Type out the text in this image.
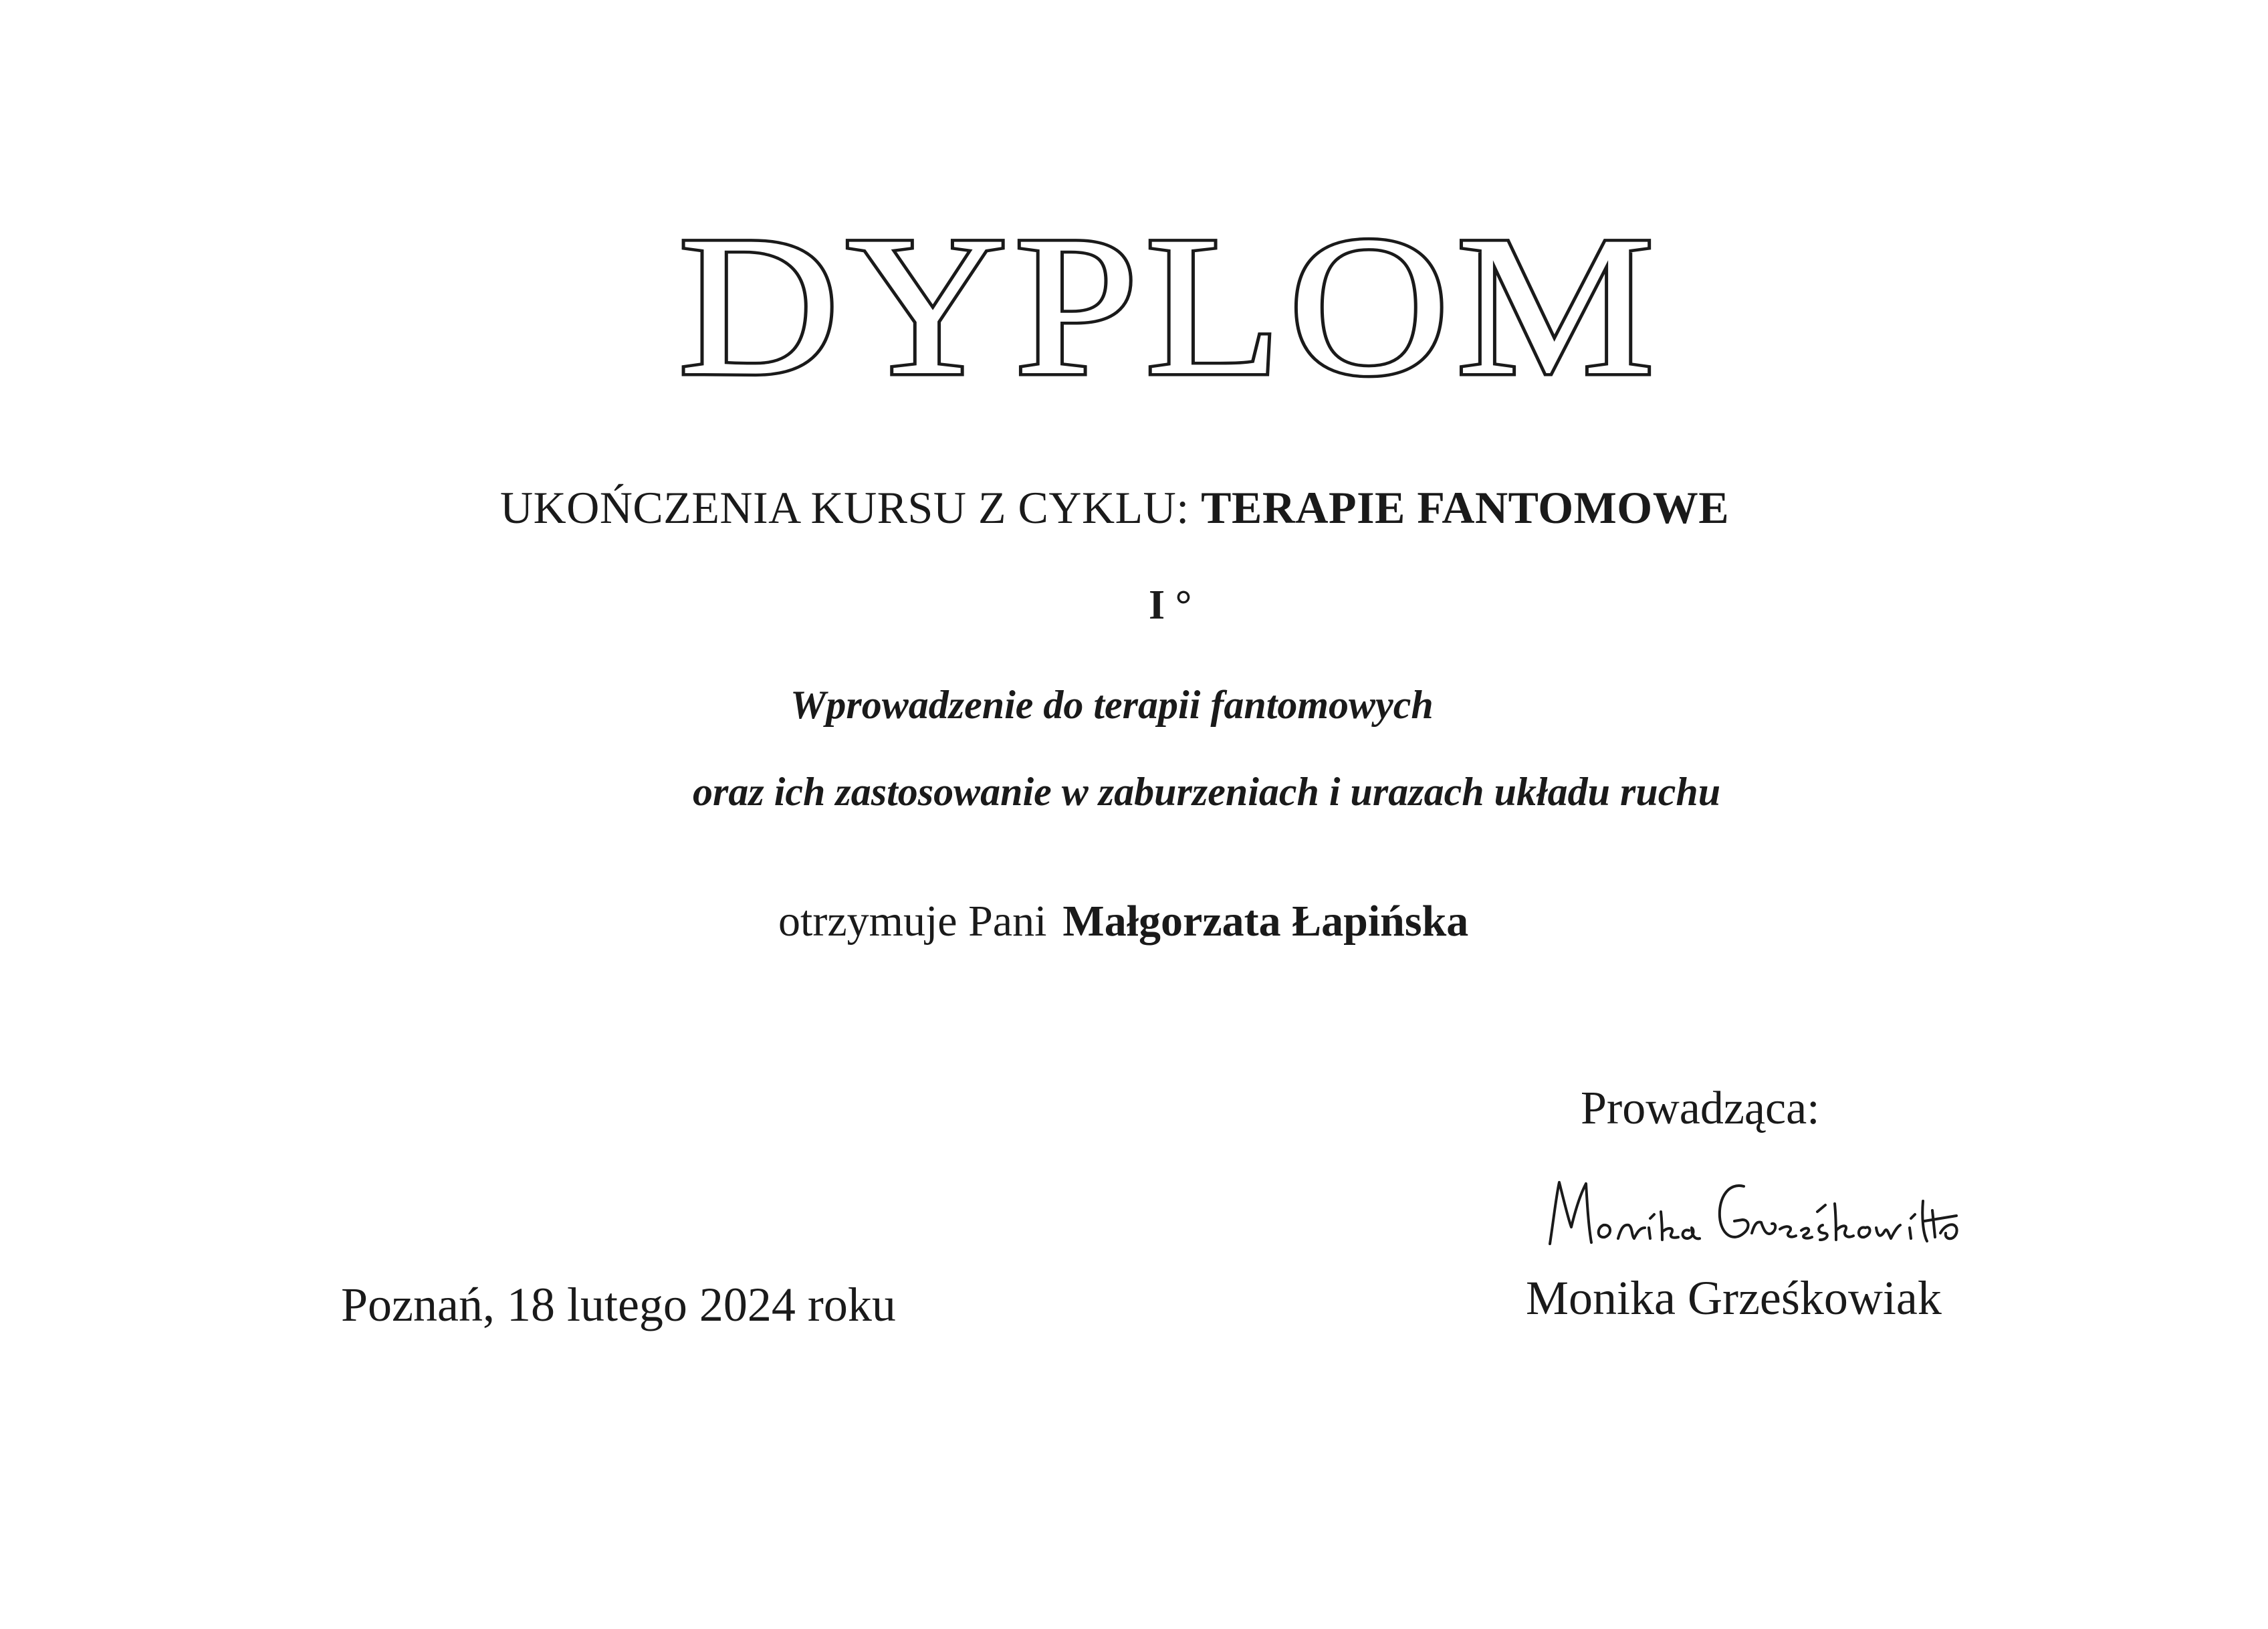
DYPLOM
UKOŃCZENIA KURSU Z CYKLU: TERAPIE FANTOMOWE
I °
Wprowadzenie do terapii fantomowych
oraz ich zastosowanie w zaburzeniach i urazach układu ruchu
otrzymuje Pani Małgorzata Łapińska
Prowadząca:
Monika Grześkowiak
Poznań, 18 lutego 2024 roku
